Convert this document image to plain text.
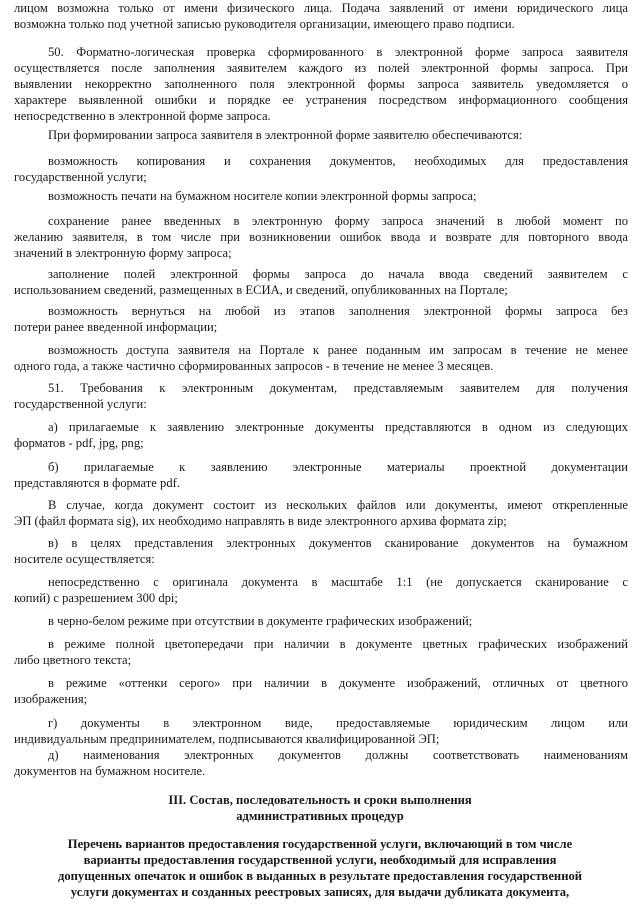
лицом возможна только от имени физического лица. Подача заявлений от имени юридического лица
возможна только под учетной записью руководителя организации, имеющего право подписи.
50. Форматно-логическая проверка сформированного в электронной форме запроса заявителя
осуществляется после заполнения заявителем каждого из полей электронной формы запроса. При
выявлении некорректно заполненного поля электронной формы запроса заявитель уведомляется о
характере выявленной ошибки и порядке ее устранения посредством информационного сообщения
непосредственно в электронной форме запроса.
При формировании запроса заявителя в электронной форме заявителю обеспечиваются:
возможность копирования и сохранения документов, необходимых для предоставления
государственной услуги;
возможность печати на бумажном носителе копии электронной формы запроса;
сохранение ранее введенных в электронную форму запроса значений в любой момент по
желанию заявителя, в том числе при возникновении ошибок ввода и возврате для повторного ввода
значений в электронную форму запроса;
заполнение полей электронной формы запроса до начала ввода сведений заявителем с
использованием сведений, размещенных в ЕСИА, и сведений, опубликованных на Портале;
возможность вернуться на любой из этапов заполнения электронной формы запроса без
потери ранее введенной информации;
возможность доступа заявителя на Портале к ранее поданным им запросам в течение не менее
одного года, а также частично сформированных запросов - в течение не менее 3 месяцев.
51. Требования к электронным документам, представляемым заявителем для получения
государственной услуги:
а) прилагаемые к заявлению электронные документы представляются в одном из следующих
форматов - pdf, jpg, png;
б) прилагаемые к заявлению электронные материалы проектной документации
представляются в формате pdf.
В случае, когда документ состоит из нескольких файлов или документы, имеют открепленные
ЭП (файл формата sig), их необходимо направлять в виде электронного архива формата zip;
в) в целях представления электронных документов сканирование документов на бумажном
носителе осуществляется:
непосредственно с оригинала документа в масштабе 1:1 (не допускается сканирование с
копий) с разрешением 300 dpi;
в черно-белом режиме при отсутствии в документе графических изображений;
в режиме полной цветопередачи при наличии в документе цветных графических изображений
либо цветного текста;
в режиме «оттенки серого» при наличии в документе изображений, отличных от цветного
изображения;
г) документы в электронном виде, предоставляемые юридическим лицом или
индивидуальным предпринимателем, подписываются квалифицированной ЭП;
д) наименования электронных документов должны соответствовать наименованиям
документов на бумажном носителе.
III. Состав, последовательность и сроки выполнения
административных процедур
Перечень вариантов предоставления государственной услуги, включающий в том числе
варианты предоставления государственной услуги, необходимый для исправления
допущенных опечаток и ошибок в выданных в результате предоставления государственной
услуги документах и созданных реестровых записях, для выдачи дубликата документа,
